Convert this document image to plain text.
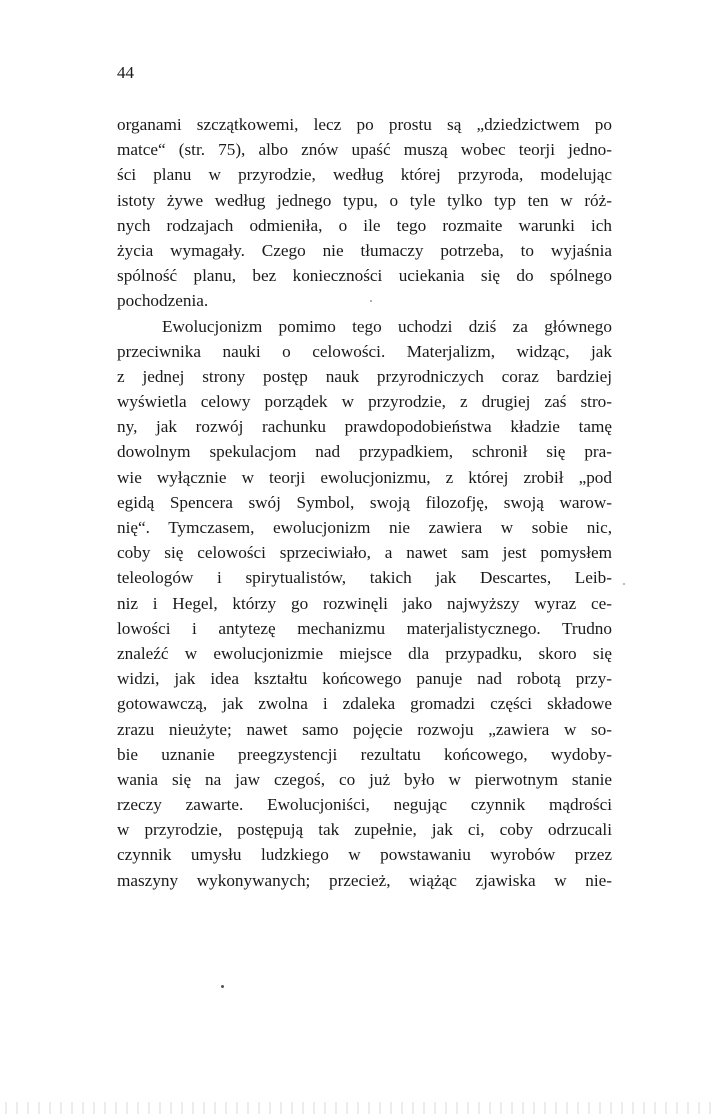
44
organami szczątkowemi, lecz po prostu są „dziedzictwem po
matce“ (str. 75), albo znów upaść muszą wobec teorji jedno-
ści planu w przyrodzie, według której przyroda, modelując
istoty żywe według jednego typu, o tyle tylko typ ten w róż-
nych rodzajach odmieniła, o ile tego rozmaite warunki ich
życia wymagały. Czego nie tłumaczy potrzeba, to wyjaśnia
spólność planu, bez konieczności uciekania się do spólnego
pochodzenia.
Ewolucjonizm pomimo tego uchodzi dziś za głównego
przeciwnika nauki o celowości. Materjalizm, widząc, jak
z jednej strony postęp nauk przyrodniczych coraz bardziej
wyświetla celowy porządek w przyrodzie, z drugiej zaś stro-
ny, jak rozwój rachunku prawdopodobieństwa kładzie tamę
dowolnym spekulacjom nad przypadkiem, schronił się pra-
wie wyłącznie w teorji ewolucjonizmu, z której zrobił „pod
egidą Spencera swój Symbol, swoją filozofję, swoją warow-
nię“. Tymczasem, ewolucjonizm nie zawiera w sobie nic,
coby się celowości sprzeciwiało, a nawet sam jest pomysłem
teleologów i spirytualistów, takich jak Descartes, Leib-
niz i Hegel, którzy go rozwinęli jako najwyższy wyraz ce-
lowości i antytezę mechanizmu materjalistycznego. Trudno
znaleźć w ewolucjonizmie miejsce dla przypadku, skoro się
widzi, jak idea kształtu końcowego panuje nad robotą przy-
gotowawczą, jak zwolna i zdaleka gromadzi części składowe
zrazu nieużyte; nawet samo pojęcie rozwoju „zawiera w so-
bie uznanie preegzystencji rezultatu końcowego, wydoby-
wania się na jaw czegoś, co już było w pierwotnym stanie
rzeczy zawarte. Ewolucjoniści, negując czynnik mądrości
w przyrodzie, postępują tak zupełnie, jak ci, coby odrzucali
czynnik umysłu ludzkiego w powstawaniu wyrobów przez
maszyny wykonywanych; przecież, wiążąc zjawiska w nie-
